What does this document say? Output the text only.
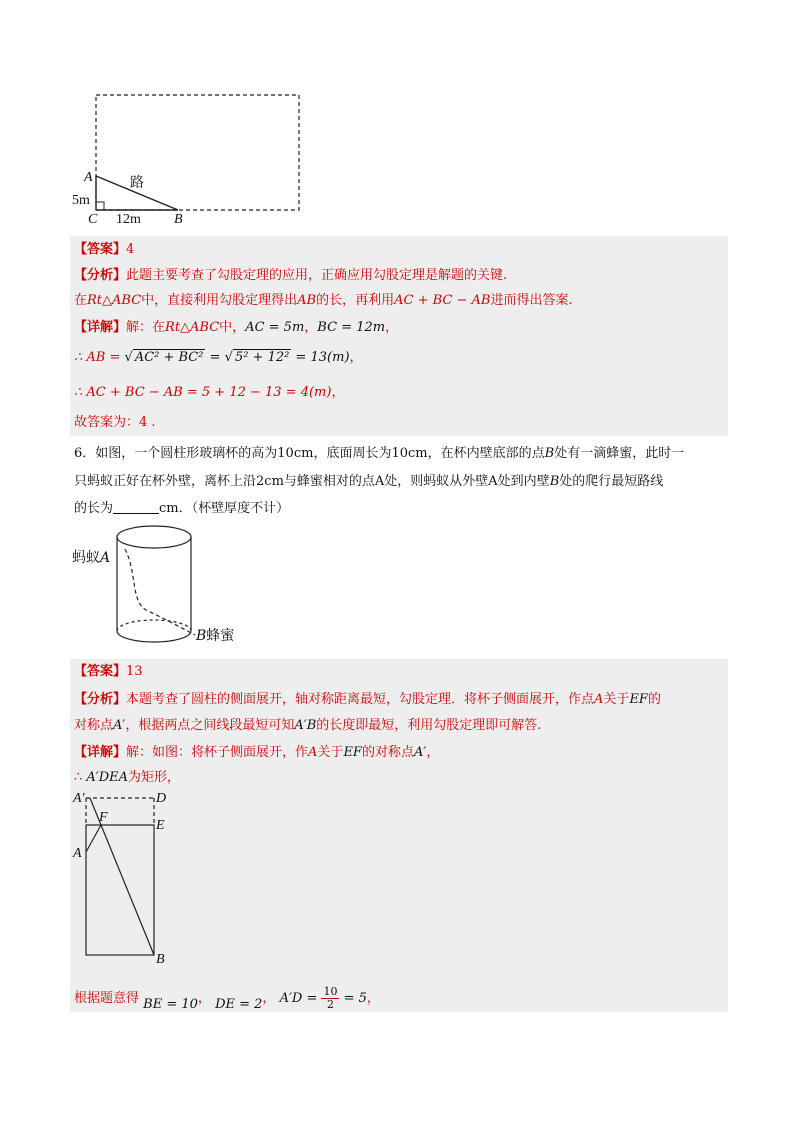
A
5m
路
C 12m B
【答案】4
【分析】此题主要考查了勾股定理的应用，正确应用勾股定理是解题的关键.
在Rt△ABC中，直接利用勾股定理得出AB的长，再利用AC + BC − AB进而得出答案.
【详解】解：在Rt△ABC中，AC = 5m，BC = 12m，
∴ AB = √ AC² + BC² = √ 5² + 12² = 13(m)，
∴ AC + BC − AB = 5 + 12 − 13 = 4(m)，
故答案为：4 .
6．如图，一个圆柱形玻璃杯的高为10cm，底面周长为10cm，在杯内壁底部的点B处有一滴蜂蜜，此时一
只蚂蚁正好在杯外壁，离杯上沿2cm与蜂蜜相对的点A处，则蚂蚁从外壁A处到内壁B处的爬行最短路线
的长为	cm．（杯壁厚度不计）
蚂蚁A
B蜂蜜
【答案】13
【分析】本题考查了圆柱的侧面展开，轴对称距离最短，勾股定理．将杯子侧面展开，作点A关于EF的
对称点A′，根据两点之间线段最短可知A′B的长度即最短，利用勾股定理即可解答.
【详解】解：如图：将杯子侧面展开，作A关于EF的对称点A′，
∴ A′DEA为矩形，
A′	D
F
E
A
B
根据题意得 BE = 10， DE = 2， $A'D = \frac{10}{2} = 5$，
